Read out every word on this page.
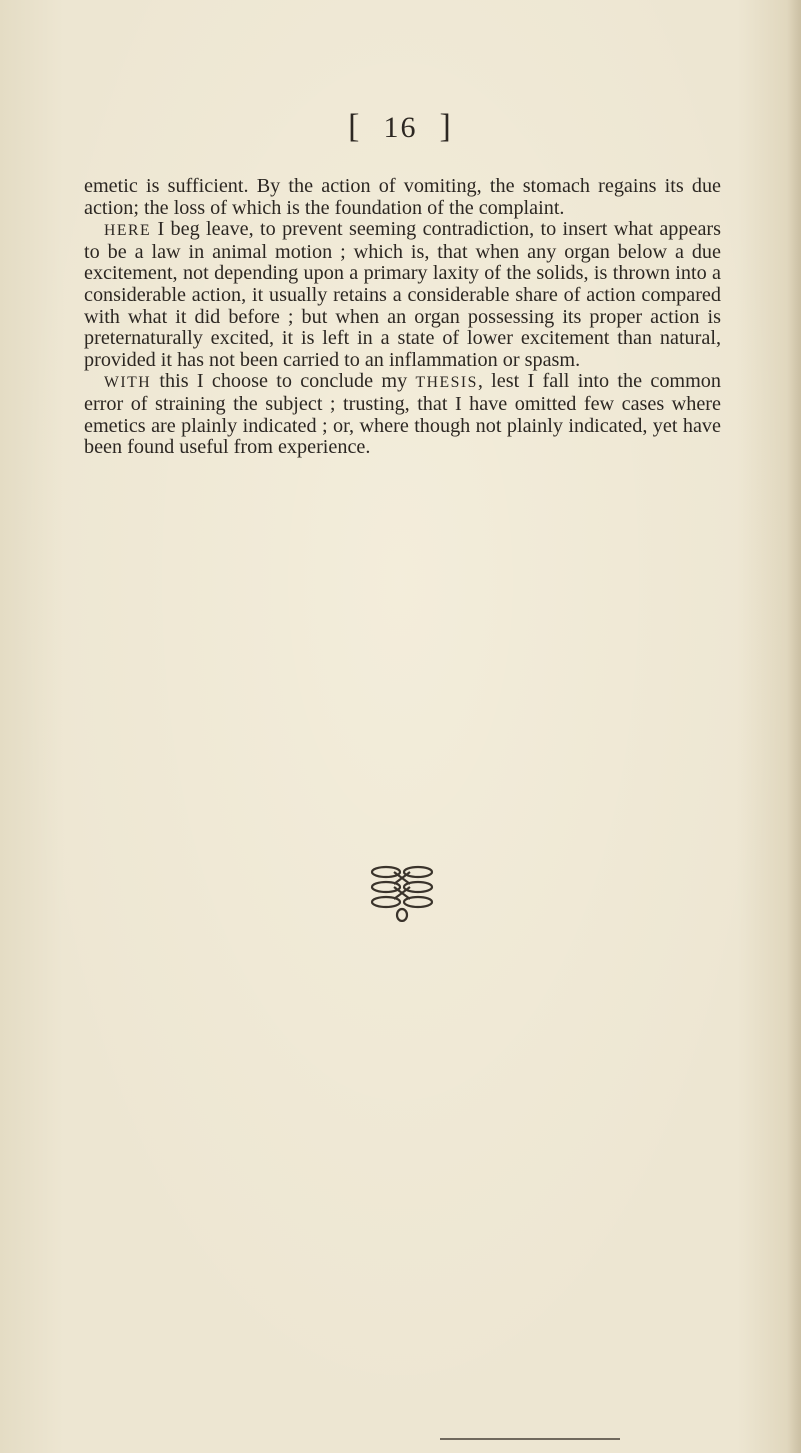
[ 16 ]

emetic is sufficient. By the action of vomiting, the stomach regains its due action; the loss of which is the foundation of the complaint.

HERE I beg leave, to prevent seeming contradiction, to insert what appears to be a law in animal motion ; which is, that when any organ below a due excitement, not depending upon a primary laxity of the solids, is thrown into a considerable action, it usually retains a considerable share of action compared with what it did before ; but when an organ possessing its proper action is preternaturally excited, it is left in a state of lower excitement than natural, provided it has not been carried to an inflammation or spasm.

WITH this I choose to conclude my THESIS, lest I fall into the common error of straining the subject ; trusting, that I have omitted few cases where emetics are plainly indicated ; or, where though not plainly indicated, yet have been found useful from experience.
